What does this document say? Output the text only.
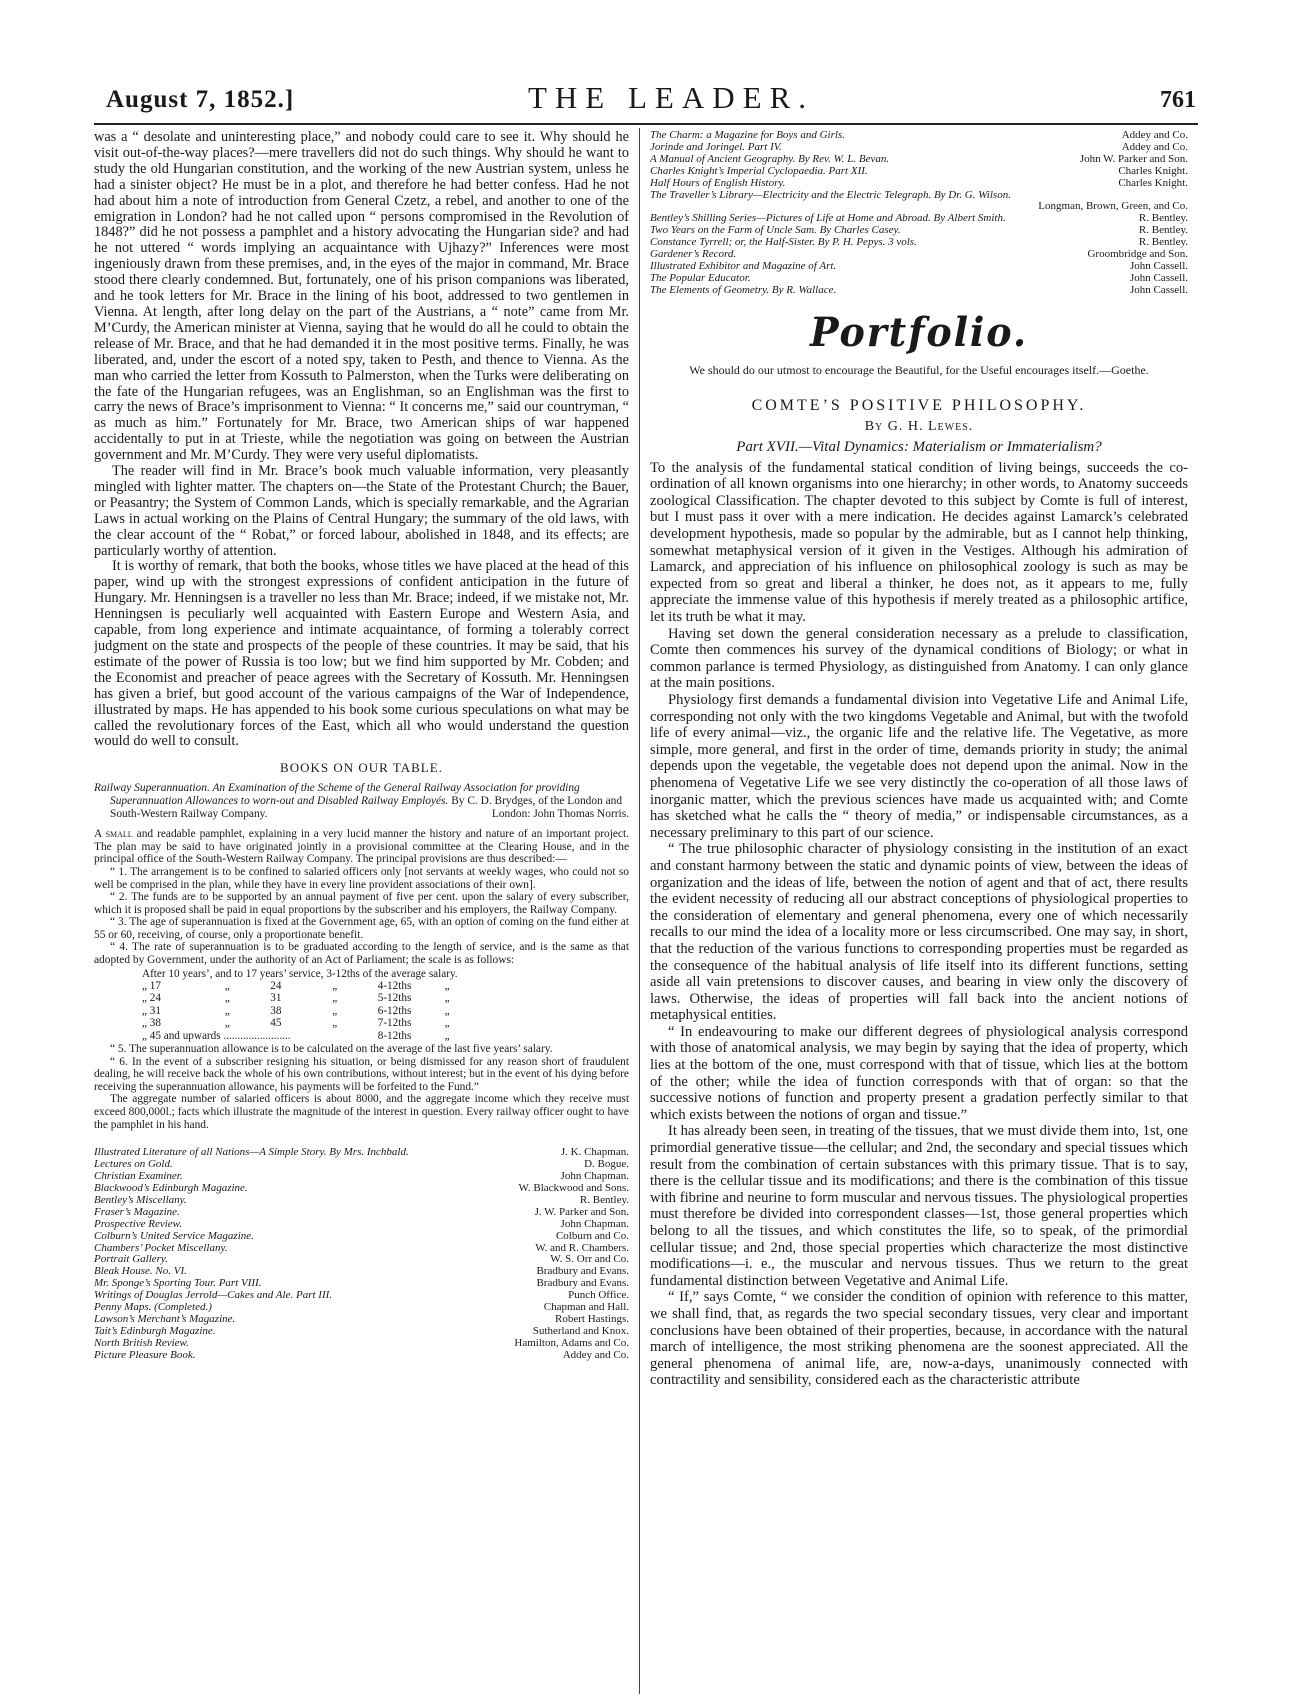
August 7, 1852.]	THE LEADER.	761

was a “ desolate and uninteresting place,” and nobody could care to see it. Why should he visit out-of-the-way places?—mere travellers did not do such things. Why should he want to study the old Hungarian constitution, and the working of the new Austrian system, unless he had a sinister object? He must be in a plot, and therefore he had better confess. Had he not had about him a note of introduction from General Czetz, a rebel, and another to one of the emigration in London? had he not called upon “ persons compromised in the Revolution of 1848?” did he not possess a pamphlet and a history advocating the Hungarian side? and had he not uttered “ words implying an acquaintance with Ujhazy?” Inferences were most ingeniously drawn from these premises, and, in the eyes of the major in command, Mr. Brace stood there clearly condemned. But, fortunately, one of his prison companions was liberated, and he took letters for Mr. Brace in the lining of his boot, addressed to two gentlemen in Vienna. At length, after long delay on the part of the Austrians, a “ note” came from Mr. M’Curdy, the American minister at Vienna, saying that he would do all he could to obtain the release of Mr. Brace, and that he had demanded it in the most positive terms. Finally, he was liberated, and, under the escort of a noted spy, taken to Pesth, and thence to Vienna. As the man who carried the letter from Kossuth to Palmerston, when the Turks were deliberating on the fate of the Hungarian refugees, was an Englishman, so an Englishman was the first to carry the news of Brace’s imprisonment to Vienna: “ It concerns me,” said our countryman, “ as much as him.” Fortunately for Mr. Brace, two American ships of war happened accidentally to put in at Trieste, while the negotiation was going on between the Austrian government and Mr. M’Curdy. They were very useful diplomatists.

The reader will find in Mr. Brace’s book much valuable information, very pleasantly mingled with lighter matter. The chapters on—the State of the Protestant Church; the Bauer, or Peasantry; the System of Common Lands, which is specially remarkable, and the Agrarian Laws in actual working on the Plains of Central Hungary; the summary of the old laws, with the clear account of the “ Robat,” or forced labour, abolished in 1848, and its effects; are particularly worthy of attention.

It is worthy of remark, that both the books, whose titles we have placed at the head of this paper, wind up with the strongest expressions of confident anticipation in the future of Hungary. Mr. Henningsen is a traveller no less than Mr. Brace; indeed, if we mistake not, Mr. Henningsen is peculiarly well acquainted with Eastern Europe and Western Asia, and capable, from long experience and intimate acquaintance, of forming a tolerably correct judgment on the state and prospects of the people of these countries. It may be said, that his estimate of the power of Russia is too low; but we find him supported by Mr. Cobden; and the Economist and preacher of peace agrees with the Secretary of Kossuth. Mr. Henningsen has given a brief, but good account of the various campaigns of the War of Independence, illustrated by maps. He has appended to his book some curious speculations on what may be called the revolutionary forces of the East, which all who would understand the question would do well to consult.

BOOKS ON OUR TABLE.
Railway Superannuation. An Examination of the Scheme of the General Railway Association for providing Superannuation Allowances to worn-out and Disabled Railway Employés. By C. D. Brydges, of the London and South-Western Railway Company.	London: John Thomas Norris.

A small and readable pamphlet, explaining in a very lucid manner the history and nature of an important project. The plan may be said to have originated jointly in a provisional committee at the Clearing House, and in the principal office of the South-Western Railway Company. The principal provisions are thus described:—

“ 1. The arrangement is to be confined to salaried officers only [not servants at weekly wages, who could not so well be comprised in the plan, while they have in every line provident associations of their own].

“ 2. The funds are to be supported by an annual payment of five per cent. upon the salary of every subscriber, which it is proposed shall be paid in equal proportions by the subscriber and his employers, the Railway Company.

“ 3. The age of superannuation is fixed at the Government age, 65, with an option of coming on the fund either at 55 or 60, receiving, of course, only a proportionate benefit.

“ 4. The rate of superannuation is to be graduated according to the length of service, and is the same as that adopted by Government, under the authority of an Act of Parliament; the scale is as follows:

After 10 years’, and to 17 years’ service, 3-12ths of the average salary.					
„ 17	„	24	„	4-12ths	„
„ 24	„	31	„	5-12ths	„
„ 31	„	38	„	6-12ths	„
„ 38	„	45	„	7-12ths	„
„ 45 and upwards ........................				8-12ths	„

“ 5. The superannuation allowance is to be calculated on the average of the last five years’ salary.

“ 6. In the event of a subscriber resigning his situation, or being dismissed for any reason short of fraudulent dealing, he will receive back the whole of his own contributions, without interest; but in the event of his dying before receiving the superannuation allowance, his payments will be forfeited to the Fund.”

The aggregate number of salaried officers is about 8000, and the aggregate income which they receive must exceed 800,000l.; facts which illustrate the magnitude of the interest in question. Every railway officer ought to have the pamphlet in his hand.

Illustrated Literature of all Nations—A Simple Story. By Mrs. Inchbald.	J. K. Chapman.
Lectures on Gold.	D. Bogue.
Christian Examiner.	John Chapman.
Blackwood’s Edinburgh Magazine.	W. Blackwood and Sons.
Bentley’s Miscellany.	R. Bentley.
Fraser’s Magazine.	J. W. Parker and Son.
Prospective Review.	John Chapman.
Colburn’s United Service Magazine.	Colburn and Co.
Chambers’ Pocket Miscellany.	W. and R. Chambers.
Portrait Gallery.	W. S. Orr and Co.
Bleak House. No. VI.	Bradbury and Evans.
Mr. Sponge’s Sporting Tour. Part VIII.	Bradbury and Evans.
Writings of Douglas Jerrold—Cakes and Ale. Part III.	Punch Office.
Penny Maps. (Completed.)	Chapman and Hall.
Lawson’s Merchant’s Magazine.	Robert Hastings.
Tait’s Edinburgh Magazine.	Sutherland and Knox.
North British Review.	Hamilton, Adams and Co.
Picture Pleasure Book.	Addey and Co.
The Charm: a Magazine for Boys and Girls.	Addey and Co.
Jorinde and Joringel. Part IV.	Addey and Co.
A Manual of Ancient Geography. By Rev. W. L. Bevan.	John W. Parker and Son.
Charles Knight’s Imperial Cyclopaedia. Part XII.	Charles Knight.
Half Hours of English History.	Charles Knight.
The Traveller’s Library—Electricity and the Electric Telegraph. By Dr. G. Wilson.
Longman, Brown, Green, and Co.
Bentley’s Shilling Series—Pictures of Life at Home and Abroad. By Albert Smith.	R. Bentley.
Two Years on the Farm of Uncle Sam. By Charles Casey.	R. Bentley.
Constance Tyrrell; or, the Half-Sister. By P. H. Pepys. 3 vols.	R. Bentley.
Gardener’s Record.	Groombridge and Son.
Illustrated Exhibitor and Magazine of Art.	John Cassell.
The Popular Educator.	John Cassell.
The Elements of Geometry. By R. Wallace.	John Cassell.
Portfolio.

We should do our utmost to encourage the Beautiful, for the Useful encourages itself.—Goethe.

COMTE’S POSITIVE PHILOSOPHY.
By G. H. Lewes.
Part XVII.—Vital Dynamics: Materialism or Immaterialism?

To the analysis of the fundamental statical condition of living beings, succeeds the co-ordination of all known organisms into one hierarchy; in other words, to Anatomy succeeds zoological Classification. The chapter devoted to this subject by Comte is full of interest, but I must pass it over with a mere indication. He decides against Lamarck’s celebrated development hypothesis, made so popular by the admirable, but as I cannot help thinking, somewhat metaphysical version of it given in the Vestiges. Although his admiration of Lamarck, and appreciation of his influence on philosophical zoology is such as may be expected from so great and liberal a thinker, he does not, as it appears to me, fully appreciate the immense value of this hypothesis if merely treated as a philosophic artifice, let its truth be what it may.

Having set down the general consideration necessary as a prelude to classification, Comte then commences his survey of the dynamical conditions of Biology; or what in common parlance is termed Physiology, as distinguished from Anatomy. I can only glance at the main positions.

Physiology first demands a fundamental division into Vegetative Life and Animal Life, corresponding not only with the two kingdoms Vegetable and Animal, but with the twofold life of every animal—viz., the organic life and the relative life. The Vegetative, as more simple, more general, and first in the order of time, demands priority in study; the animal depends upon the vegetable, the vegetable does not depend upon the animal. Now in the phenomena of Vegetative Life we see very distinctly the co-operation of all those laws of inorganic matter, which the previous sciences have made us acquainted with; and Comte has sketched what he calls the “ theory of media,” or indispensable circumstances, as a necessary preliminary to this part of our science.

“ The true philosophic character of physiology consisting in the institution of an exact and constant harmony between the static and dynamic points of view, between the ideas of organization and the ideas of life, between the notion of agent and that of act, there results the evident necessity of reducing all our abstract conceptions of physiological properties to the consideration of elementary and general phenomena, every one of which necessarily recalls to our mind the idea of a locality more or less circumscribed. One may say, in short, that the reduction of the various functions to corresponding properties must be regarded as the consequence of the habitual analysis of life itself into its different functions, setting aside all vain pretensions to discover causes, and bearing in view only the discovery of laws. Otherwise, the ideas of properties will fall back into the ancient notions of metaphysical entities.

“ In endeavouring to make our different degrees of physiological analysis correspond with those of anatomical analysis, we may begin by saying that the idea of property, which lies at the bottom of the one, must correspond with that of tissue, which lies at the bottom of the other; while the idea of function corresponds with that of organ: so that the successive notions of function and property present a gradation perfectly similar to that which exists between the notions of organ and tissue.”

It has already been seen, in treating of the tissues, that we must divide them into, 1st, one primordial generative tissue—the cellular; and 2nd, the secondary and special tissues which result from the combination of certain substances with this primary tissue. That is to say, there is the cellular tissue and its modifications; and there is the combination of this tissue with fibrine and neurine to form muscular and nervous tissues. The physiological properties must therefore be divided into correspondent classes—1st, those general properties which belong to all the tissues, and which constitutes the life, so to speak, of the primordial cellular tissue; and 2nd, those special properties which characterize the most distinctive modifications—i. e., the muscular and nervous tissues. Thus we return to the great fundamental distinction between Vegetative and Animal Life.

“ If,” says Comte, “ we consider the condition of opinion with reference to this matter, we shall find, that, as regards the two special secondary tissues, very clear and important conclusions have been obtained of their properties, because, in accordance with the natural march of intelligence, the most striking phenomena are the soonest appreciated. All the general phenomena of animal life, are, now-a-days, unanimously connected with contractility and sensibility, considered each as the characteristic attribute
